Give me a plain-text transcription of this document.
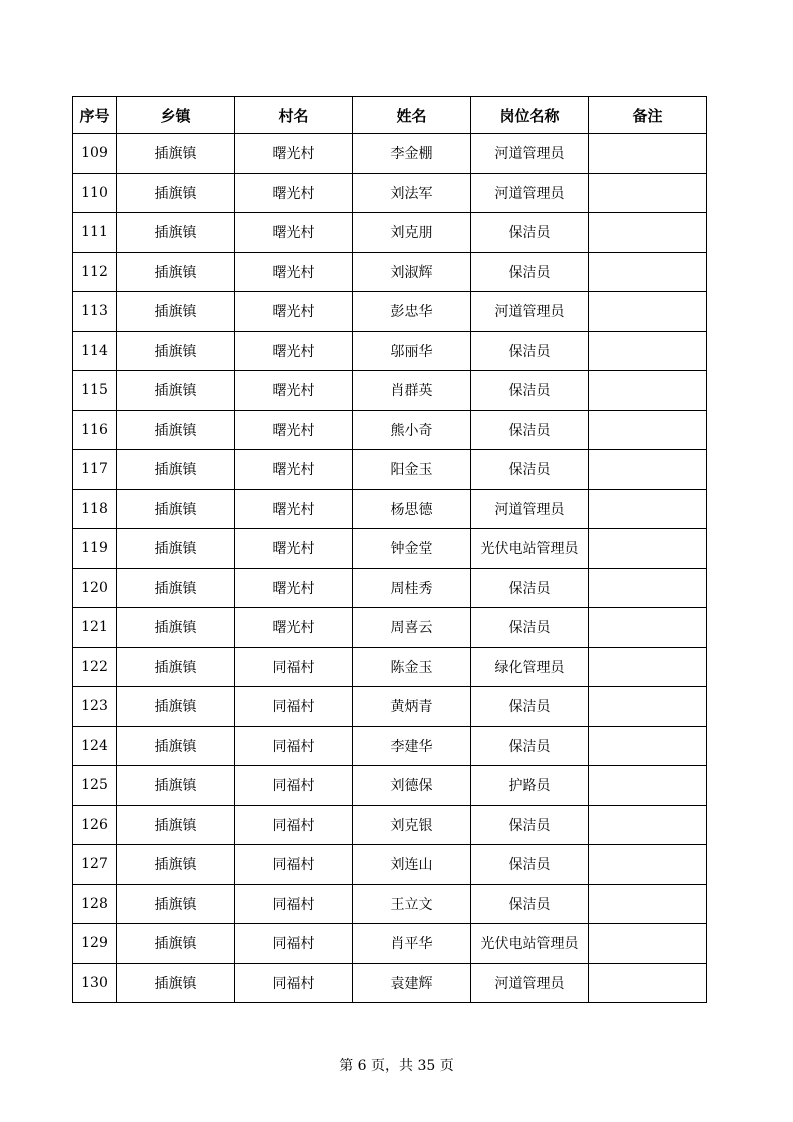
序号	乡镇	村名	姓名	岗位名称	备注
109	插旗镇	曙光村	李金棚	河道管理员	
110	插旗镇	曙光村	刘法军	河道管理员	
111	插旗镇	曙光村	刘克朋	保洁员	
112	插旗镇	曙光村	刘淑辉	保洁员	
113	插旗镇	曙光村	彭忠华	河道管理员	
114	插旗镇	曙光村	邬丽华	保洁员	
115	插旗镇	曙光村	肖群英	保洁员	
116	插旗镇	曙光村	熊小奇	保洁员	
117	插旗镇	曙光村	阳金玉	保洁员	
118	插旗镇	曙光村	杨思德	河道管理员	
119	插旗镇	曙光村	钟金堂	光伏电站管理员	
120	插旗镇	曙光村	周桂秀	保洁员	
121	插旗镇	曙光村	周喜云	保洁员	
122	插旗镇	同福村	陈金玉	绿化管理员	
123	插旗镇	同福村	黄炳青	保洁员	
124	插旗镇	同福村	李建华	保洁员	
125	插旗镇	同福村	刘德保	护路员	
126	插旗镇	同福村	刘克银	保洁员	
127	插旗镇	同福村	刘连山	保洁员	
128	插旗镇	同福村	王立文	保洁员	
129	插旗镇	同福村	肖平华	光伏电站管理员	
130	插旗镇	同福村	袁建辉	河道管理员	
第 6 页，共 35 页
